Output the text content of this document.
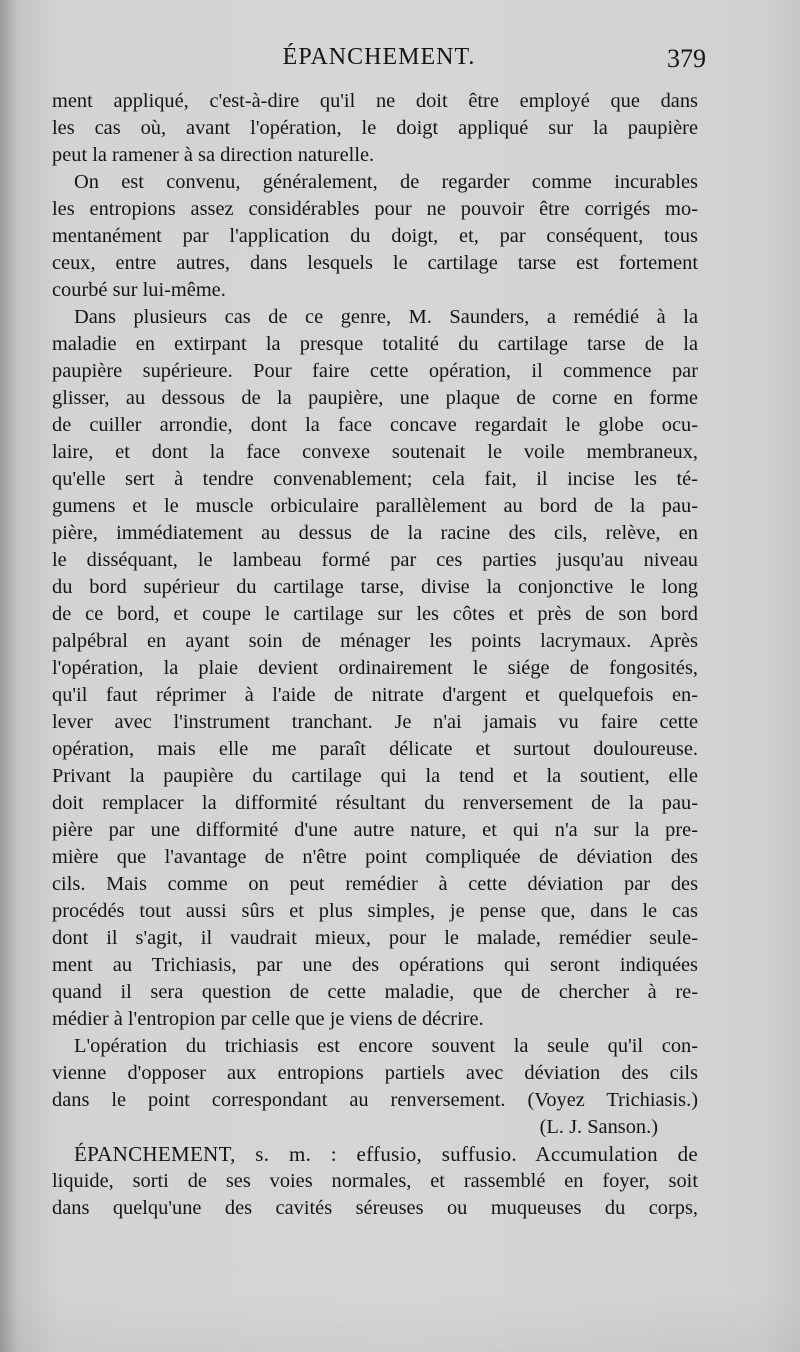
ÉPANCHEMENT.	379
ment appliqué, c'est-à-dire qu'il ne doit être employé que dans
les cas où, avant l'opération, le doigt appliqué sur la paupière
peut la ramener à sa direction naturelle.
On est convenu, généralement, de regarder comme incurables
les entropions assez considérables pour ne pouvoir être corrigés mo-
mentanément par l'application du doigt, et, par conséquent, tous
ceux, entre autres, dans lesquels le cartilage tarse est fortement
courbé sur lui-même.
Dans plusieurs cas de ce genre, M. Saunders, a remédié à la
maladie en extirpant la presque totalité du cartilage tarse de la
paupière supérieure. Pour faire cette opération, il commence par
glisser, au dessous de la paupière, une plaque de corne en forme
de cuiller arrondie, dont la face concave regardait le globe ocu-
laire, et dont la face convexe soutenait le voile membraneux,
qu'elle sert à tendre convenablement; cela fait, il incise les té-
gumens et le muscle orbiculaire parallèlement au bord de la pau-
pière, immédiatement au dessus de la racine des cils, relève, en
le disséquant, le lambeau formé par ces parties jusqu'au niveau
du bord supérieur du cartilage tarse, divise la conjonctive le long
de ce bord, et coupe le cartilage sur les côtes et près de son bord
palpébral en ayant soin de ménager les points lacrymaux. Après
l'opération, la plaie devient ordinairement le siége de fongosités,
qu'il faut réprimer à l'aide de nitrate d'argent et quelquefois en-
lever avec l'instrument tranchant. Je n'ai jamais vu faire cette
opération, mais elle me paraît délicate et surtout douloureuse.
Privant la paupière du cartilage qui la tend et la soutient, elle
doit remplacer la difformité résultant du renversement de la pau-
pière par une difformité d'une autre nature, et qui n'a sur la pre-
mière que l'avantage de n'être point compliquée de déviation des
cils. Mais comme on peut remédier à cette déviation par des
procédés tout aussi sûrs et plus simples, je pense que, dans le cas
dont il s'agit, il vaudrait mieux, pour le malade, remédier seule-
ment au Trichiasis, par une des opérations qui seront indiquées
quand il sera question de cette maladie, que de chercher à re-
médier à l'entropion par celle que je viens de décrire.
L'opération du trichiasis est encore souvent la seule qu'il con-
vienne d'opposer aux entropions partiels avec déviation des cils
dans le point correspondant au renversement. (Voyez Trichiasis.)
(L. J. Sanson.)
ÉPANCHEMENT, s. m. : effusio, suffusio. Accumulation de
liquide, sorti de ses voies normales, et rassemblé en foyer, soit
dans quelqu'une des cavités séreuses ou muqueuses du corps,
